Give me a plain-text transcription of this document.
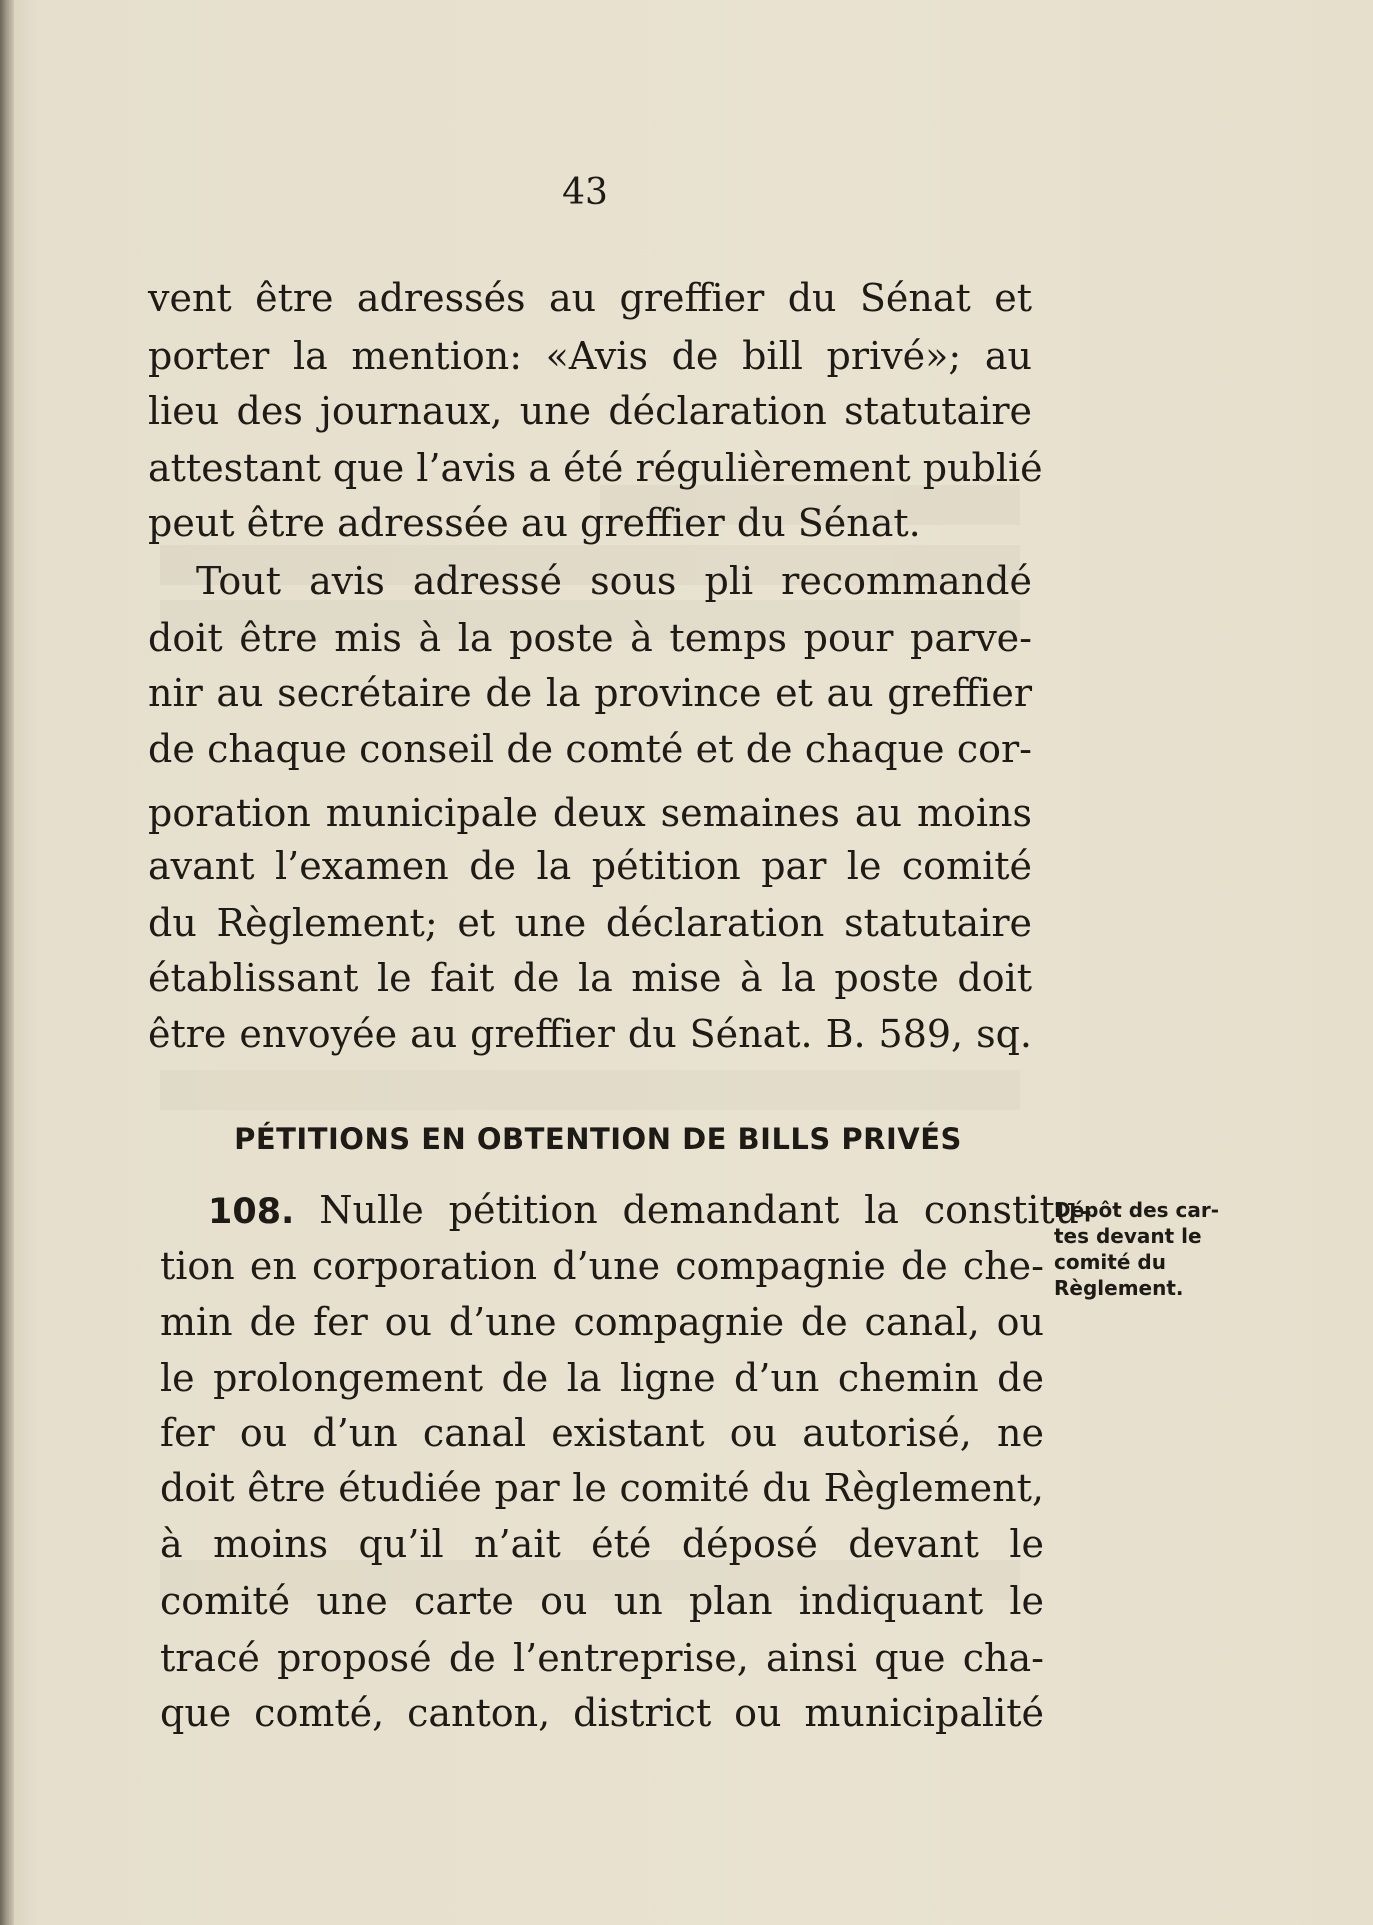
43
vent être adressés au greffier du Sénat et
porter la mention: «Avis de bill privé»; au
lieu des journaux, une déclaration statutaire
attestant que l’avis a été régulièrement publié
peut être adressée au greffier du Sénat.
Tout avis adressé sous pli recommandé
doit être mis à la poste à temps pour parve-
nir au secrétaire de la province et au greffier
de chaque conseil de comté et de chaque cor-
poration municipale deux semaines au moins
avant l’examen de la pétition par le comité
du Règlement; et une déclaration statutaire
établissant le fait de la mise à la poste doit
être envoyée au greffier du Sénat. B. 589, sq.
PÉTITIONS EN OBTENTION DE BILLS PRIVÉS
108. Nulle pétition demandant la constitu-
tion en corporation d’une compagnie de che-
min de fer ou d’une compagnie de canal, ou
le prolongement de la ligne d’un chemin de
fer ou d’un canal existant ou autorisé, ne
doit être étudiée par le comité du Règlement,
à moins qu’il n’ait été déposé devant le
comité une carte ou un plan indiquant le
tracé proposé de l’entreprise, ainsi que cha-
que comté, canton, district ou municipalité
Dépôt des car-
tes devant le
comité du
Règlement.
